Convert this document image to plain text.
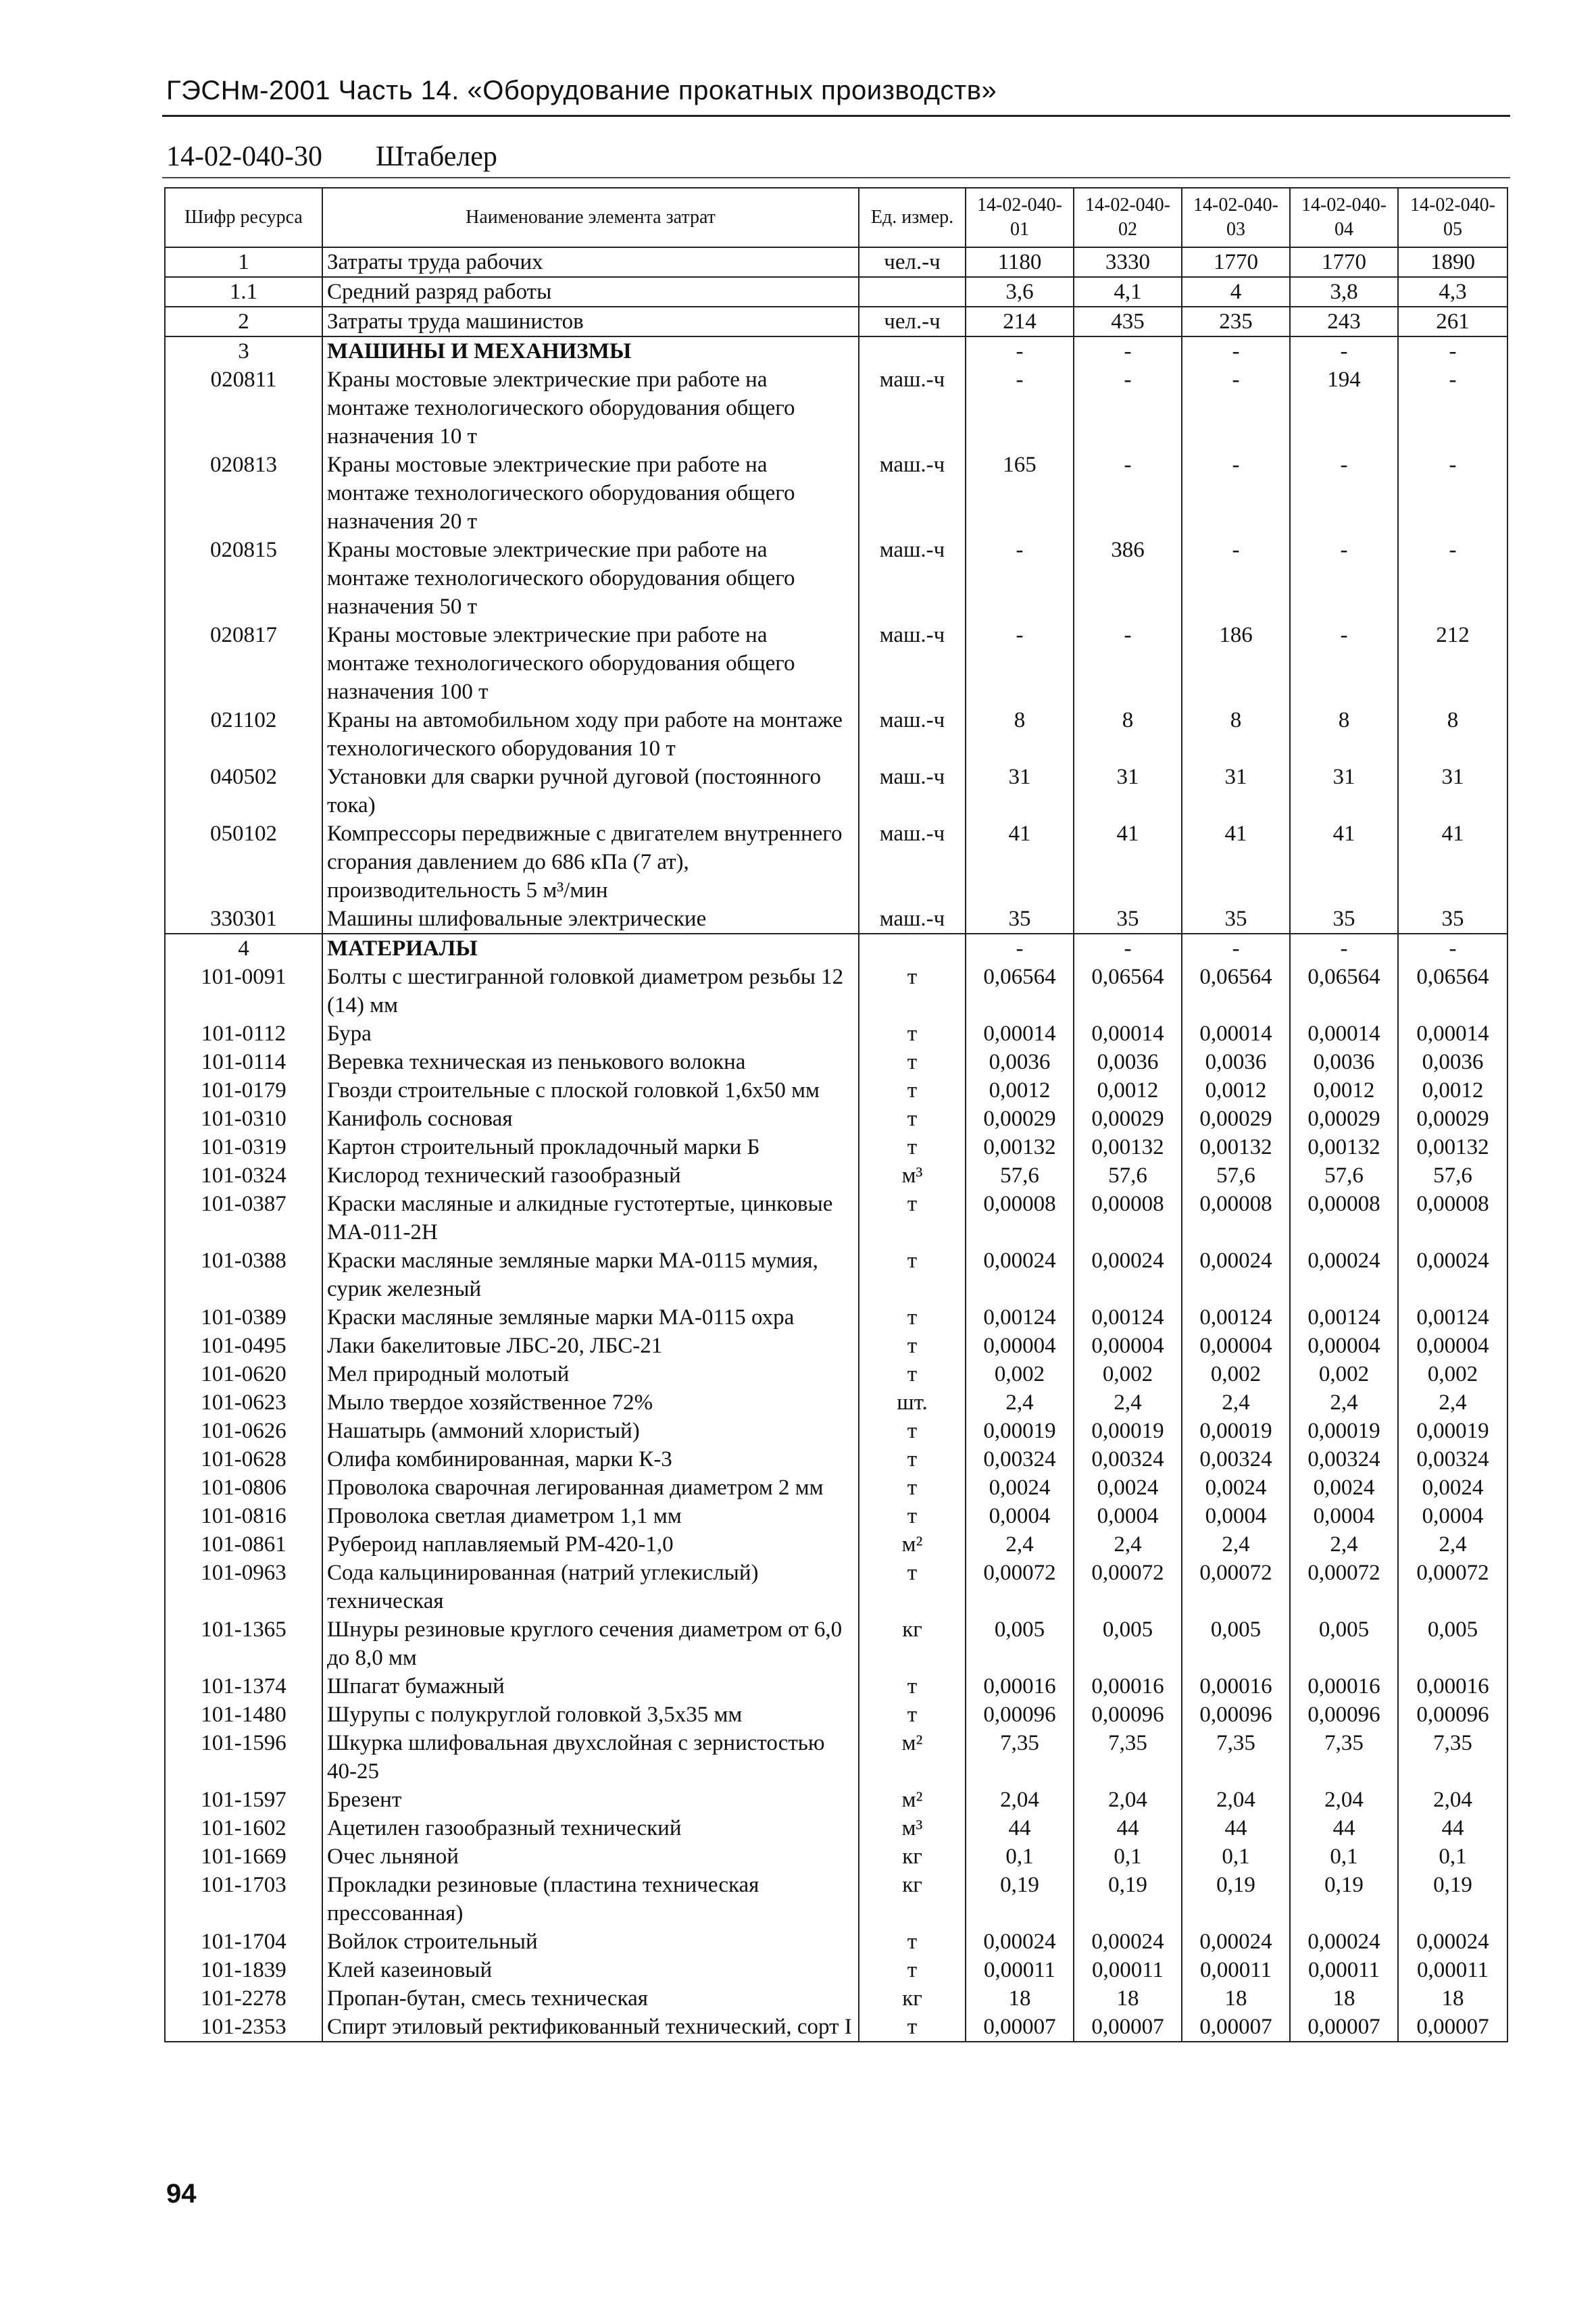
ГЭСНм-2001 Часть 14. «Оборудование прокатных производств»
14-02-040-30 Штабелер
Шифр ресурса	Наименование элемента затрат	Ед. измер.	14-02-040-01	14-02-040-02	14-02-040-03	14-02-040-04	14-02-040-05
1	Затраты труда рабочих	чел.-ч	1180	3330	1770	1770	1890
1.1	Средний разряд работы		3,6	4,1	4	3,8	4,3
2	Затраты труда машинистов	чел.-ч	214	435	235	243	261
3	МАШИНЫ И МЕХАНИЗМЫ		-	-	-	-	-
020811	Краны мостовые электрические при работе на монтаже технологического оборудования общего назначения 10 т	маш.-ч	-	-	-	194	-
020813	Краны мостовые электрические при работе на монтаже технологического оборудования общего назначения 20 т	маш.-ч	165	-	-	-	-
020815	Краны мостовые электрические при работе на монтаже технологического оборудования общего назначения 50 т	маш.-ч	-	386	-	-	-
020817	Краны мостовые электрические при работе на монтаже технологического оборудования общего назначения 100 т	маш.-ч	-	-	186	-	212
021102	Краны на автомобильном ходу при работе на монтаже технологического оборудования 10 т	маш.-ч	8	8	8	8	8
040502	Установки для сварки ручной дуговой (постоянного тока)	маш.-ч	31	31	31	31	31
050102	Компрессоры передвижные с двигателем внутреннего сгорания давлением до 686 кПа (7 ат), производительность 5 м³/мин	маш.-ч	41	41	41	41	41
330301	Машины шлифовальные электрические	маш.-ч	35	35	35	35	35
4	МАТЕРИАЛЫ		-	-	-	-	-
101-0091	Болты с шестигранной головкой диаметром резьбы 12 (14) мм	т	0,06564	0,06564	0,06564	0,06564	0,06564
101-0112	Бура	т	0,00014	0,00014	0,00014	0,00014	0,00014
101-0114	Веревка техническая из пенькового волокна	т	0,0036	0,0036	0,0036	0,0036	0,0036
101-0179	Гвозди строительные с плоской головкой 1,6х50 мм	т	0,0012	0,0012	0,0012	0,0012	0,0012
101-0310	Канифоль сосновая	т	0,00029	0,00029	0,00029	0,00029	0,00029
101-0319	Картон строительный прокладочный марки Б	т	0,00132	0,00132	0,00132	0,00132	0,00132
101-0324	Кислород технический газообразный	м³	57,6	57,6	57,6	57,6	57,6
101-0387	Краски масляные и алкидные густотертые, цинковые МА-011-2Н	т	0,00008	0,00008	0,00008	0,00008	0,00008
101-0388	Краски масляные земляные марки МА-0115 мумия, сурик железный	т	0,00024	0,00024	0,00024	0,00024	0,00024
101-0389	Краски масляные земляные марки МА-0115 охра	т	0,00124	0,00124	0,00124	0,00124	0,00124
101-0495	Лаки бакелитовые ЛБС-20, ЛБС-21	т	0,00004	0,00004	0,00004	0,00004	0,00004
101-0620	Мел природный молотый	т	0,002	0,002	0,002	0,002	0,002
101-0623	Мыло твердое хозяйственное 72%	шт.	2,4	2,4	2,4	2,4	2,4
101-0626	Нашатырь (аммоний хлористый)	т	0,00019	0,00019	0,00019	0,00019	0,00019
101-0628	Олифа комбинированная, марки К-3	т	0,00324	0,00324	0,00324	0,00324	0,00324
101-0806	Проволока сварочная легированная диаметром 2 мм	т	0,0024	0,0024	0,0024	0,0024	0,0024
101-0816	Проволока светлая диаметром 1,1 мм	т	0,0004	0,0004	0,0004	0,0004	0,0004
101-0861	Рубероид наплавляемый РМ-420-1,0	м²	2,4	2,4	2,4	2,4	2,4
101-0963	Сода кальцинированная (натрий углекислый) техническая	т	0,00072	0,00072	0,00072	0,00072	0,00072
101-1365	Шнуры резиновые круглого сечения диаметром от 6,0 до 8,0 мм	кг	0,005	0,005	0,005	0,005	0,005
101-1374	Шпагат бумажный	т	0,00016	0,00016	0,00016	0,00016	0,00016
101-1480	Шурупы с полукруглой головкой 3,5х35 мм	т	0,00096	0,00096	0,00096	0,00096	0,00096
101-1596	Шкурка шлифовальная двухслойная с зернистостью 40-25	м²	7,35	7,35	7,35	7,35	7,35
101-1597	Брезент	м²	2,04	2,04	2,04	2,04	2,04
101-1602	Ацетилен газообразный технический	м³	44	44	44	44	44
101-1669	Очес льняной	кг	0,1	0,1	0,1	0,1	0,1
101-1703	Прокладки резиновые (пластина техническая прессованная)	кг	0,19	0,19	0,19	0,19	0,19
101-1704	Войлок строительный	т	0,00024	0,00024	0,00024	0,00024	0,00024
101-1839	Клей казеиновый	т	0,00011	0,00011	0,00011	0,00011	0,00011
101-2278	Пропан-бутан, смесь техническая	кг	18	18	18	18	18
101-2353	Спирт этиловый ректификованный технический, сорт I	т	0,00007	0,00007	0,00007	0,00007	0,00007
94
